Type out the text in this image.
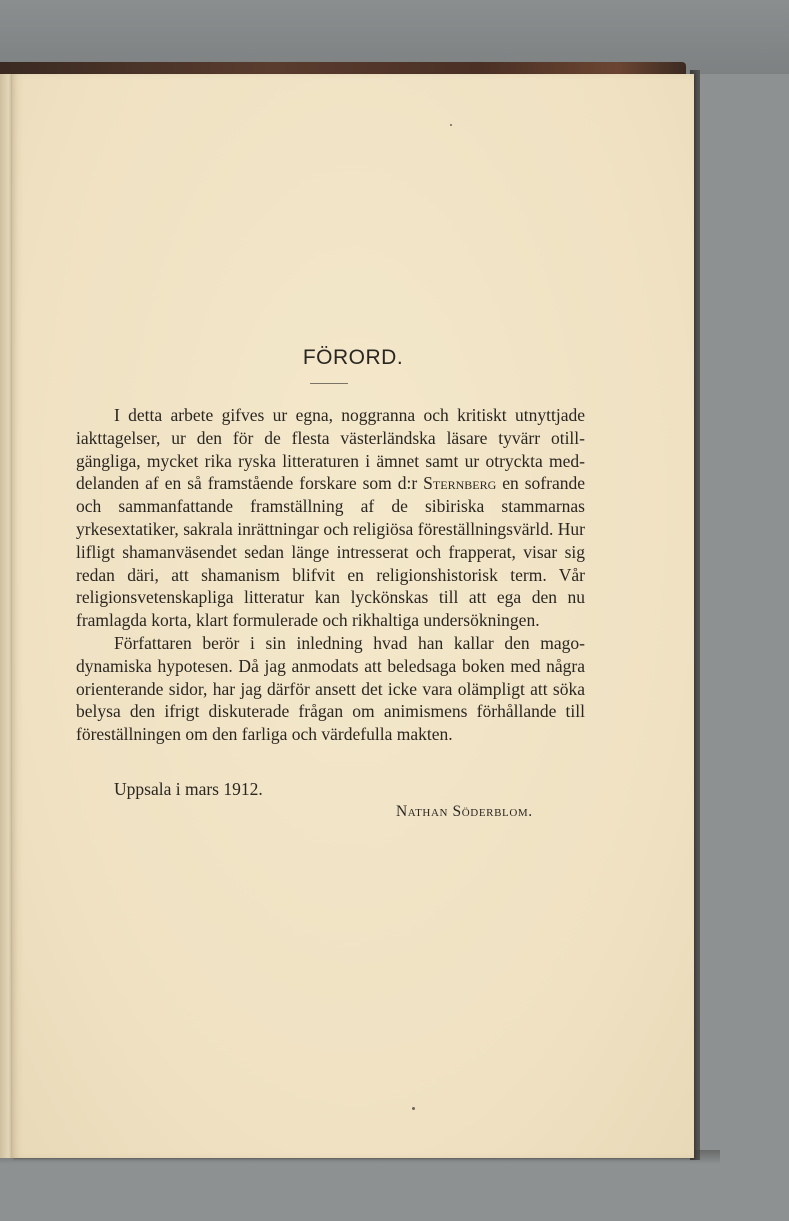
FÖRORD.

I detta arbete gifves ur egna, noggranna och kritiskt utnyttjade iakttagelser, ur den för de flesta västerländska läsare tyvärr otillgängliga, mycket rika ryska litteraturen i ämnet samt ur otryckta meddelanden af en så framstående forskare som d:r Sternberg en sofrande och sammanfattande framställning af de sibiriska stammarnas yrkesextatiker, sakrala inrättningar och religiösa föreställningsvärld. Hur lifligt shamanväsendet sedan länge intresserat och frapperat, visar sig redan däri, att shamanism blifvit en religionshistorisk term. Vår religionsvetenskapliga litteratur kan lyckönskas till att ega den nu framlagda korta, klart formulerade och rikhaltiga undersökningen.

Författaren berör i sin inledning hvad han kallar den magodynamiska hypotesen. Då jag anmodats att beledsaga boken med några orienterande sidor, har jag därför ansett det icke vara olämpligt att söka belysa den ifrigt diskuterade frågan om animismens förhållande till föreställningen om den farliga och värdefulla makten.

Uppsala i mars 1912.
Nathan Söderblom.
